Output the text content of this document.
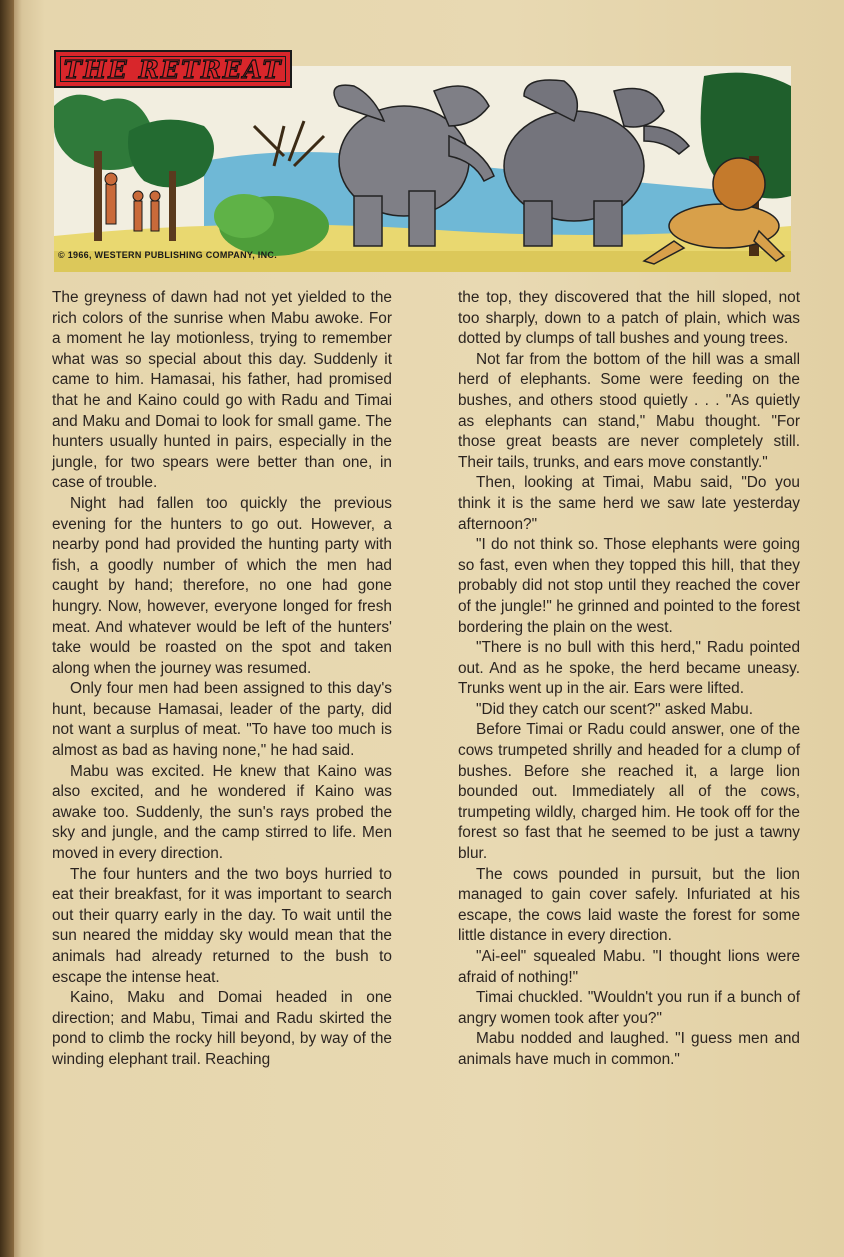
THE RETREAT
© 1966, WESTERN PUBLISHING COMPANY, INC.

The greyness of dawn had not yet yielded to the rich colors of the sunrise when Mabu awoke. For a moment he lay motionless, trying to remember what was so special about this day. Suddenly it came to him. Hamasai, his father, had promised that he and Kaino could go with Radu and Timai and Maku and Domai to look for small game. The hunters usually hunted in pairs, especially in the jungle, for two spears were better than one, in case of trouble.

Night had fallen too quickly the previous evening for the hunters to go out. However, a nearby pond had provided the hunting party with fish, a goodly number of which the men had caught by hand; therefore, no one had gone hungry. Now, however, everyone longed for fresh meat. And whatever would be left of the hunters' take would be roasted on the spot and taken along when the journey was resumed.

Only four men had been assigned to this day's hunt, because Hamasai, leader of the party, did not want a surplus of meat. "To have too much is almost as bad as having none," he had said.

Mabu was excited. He knew that Kaino was also excited, and he wondered if Kaino was awake too. Suddenly, the sun's rays probed the sky and jungle, and the camp stirred to life. Men moved in every direction.

The four hunters and the two boys hurried to eat their breakfast, for it was important to search out their quarry early in the day. To wait until the sun neared the midday sky would mean that the animals had already returned to the bush to escape the intense heat.

Kaino, Maku and Domai headed in one direction; and Mabu, Timai and Radu skirted the pond to climb the rocky hill beyond, by way of the winding elephant trail. Reaching

the top, they discovered that the hill sloped, not too sharply, down to a patch of plain, which was dotted by clumps of tall bushes and young trees.

Not far from the bottom of the hill was a small herd of elephants. Some were feeding on the bushes, and others stood quietly . . . "As quietly as elephants can stand," Mabu thought. "For those great beasts are never completely still. Their tails, trunks, and ears move constantly."

Then, looking at Timai, Mabu said, "Do you think it is the same herd we saw late yesterday afternoon?"

"I do not think so. Those elephants were going so fast, even when they topped this hill, that they probably did not stop until they reached the cover of the jungle!" he grinned and pointed to the forest bordering the plain on the west.

"There is no bull with this herd," Radu pointed out. And as he spoke, the herd became uneasy. Trunks went up in the air. Ears were lifted.

"Did they catch our scent?" asked Mabu.

Before Timai or Radu could answer, one of the cows trumpeted shrilly and headed for a clump of bushes. Before she reached it, a large lion bounded out. Immediately all of the cows, trumpeting wildly, charged him. He took off for the forest so fast that he seemed to be just a tawny blur.

The cows pounded in pursuit, but the lion managed to gain cover safely. Infuriated at his escape, the cows laid waste the forest for some little distance in every direction.

"Ai-eel" squealed Mabu. "I thought lions were afraid of nothing!"

Timai chuckled. "Wouldn't you run if a bunch of angry women took after you?"

Mabu nodded and laughed. "I guess men and animals have much in common."
